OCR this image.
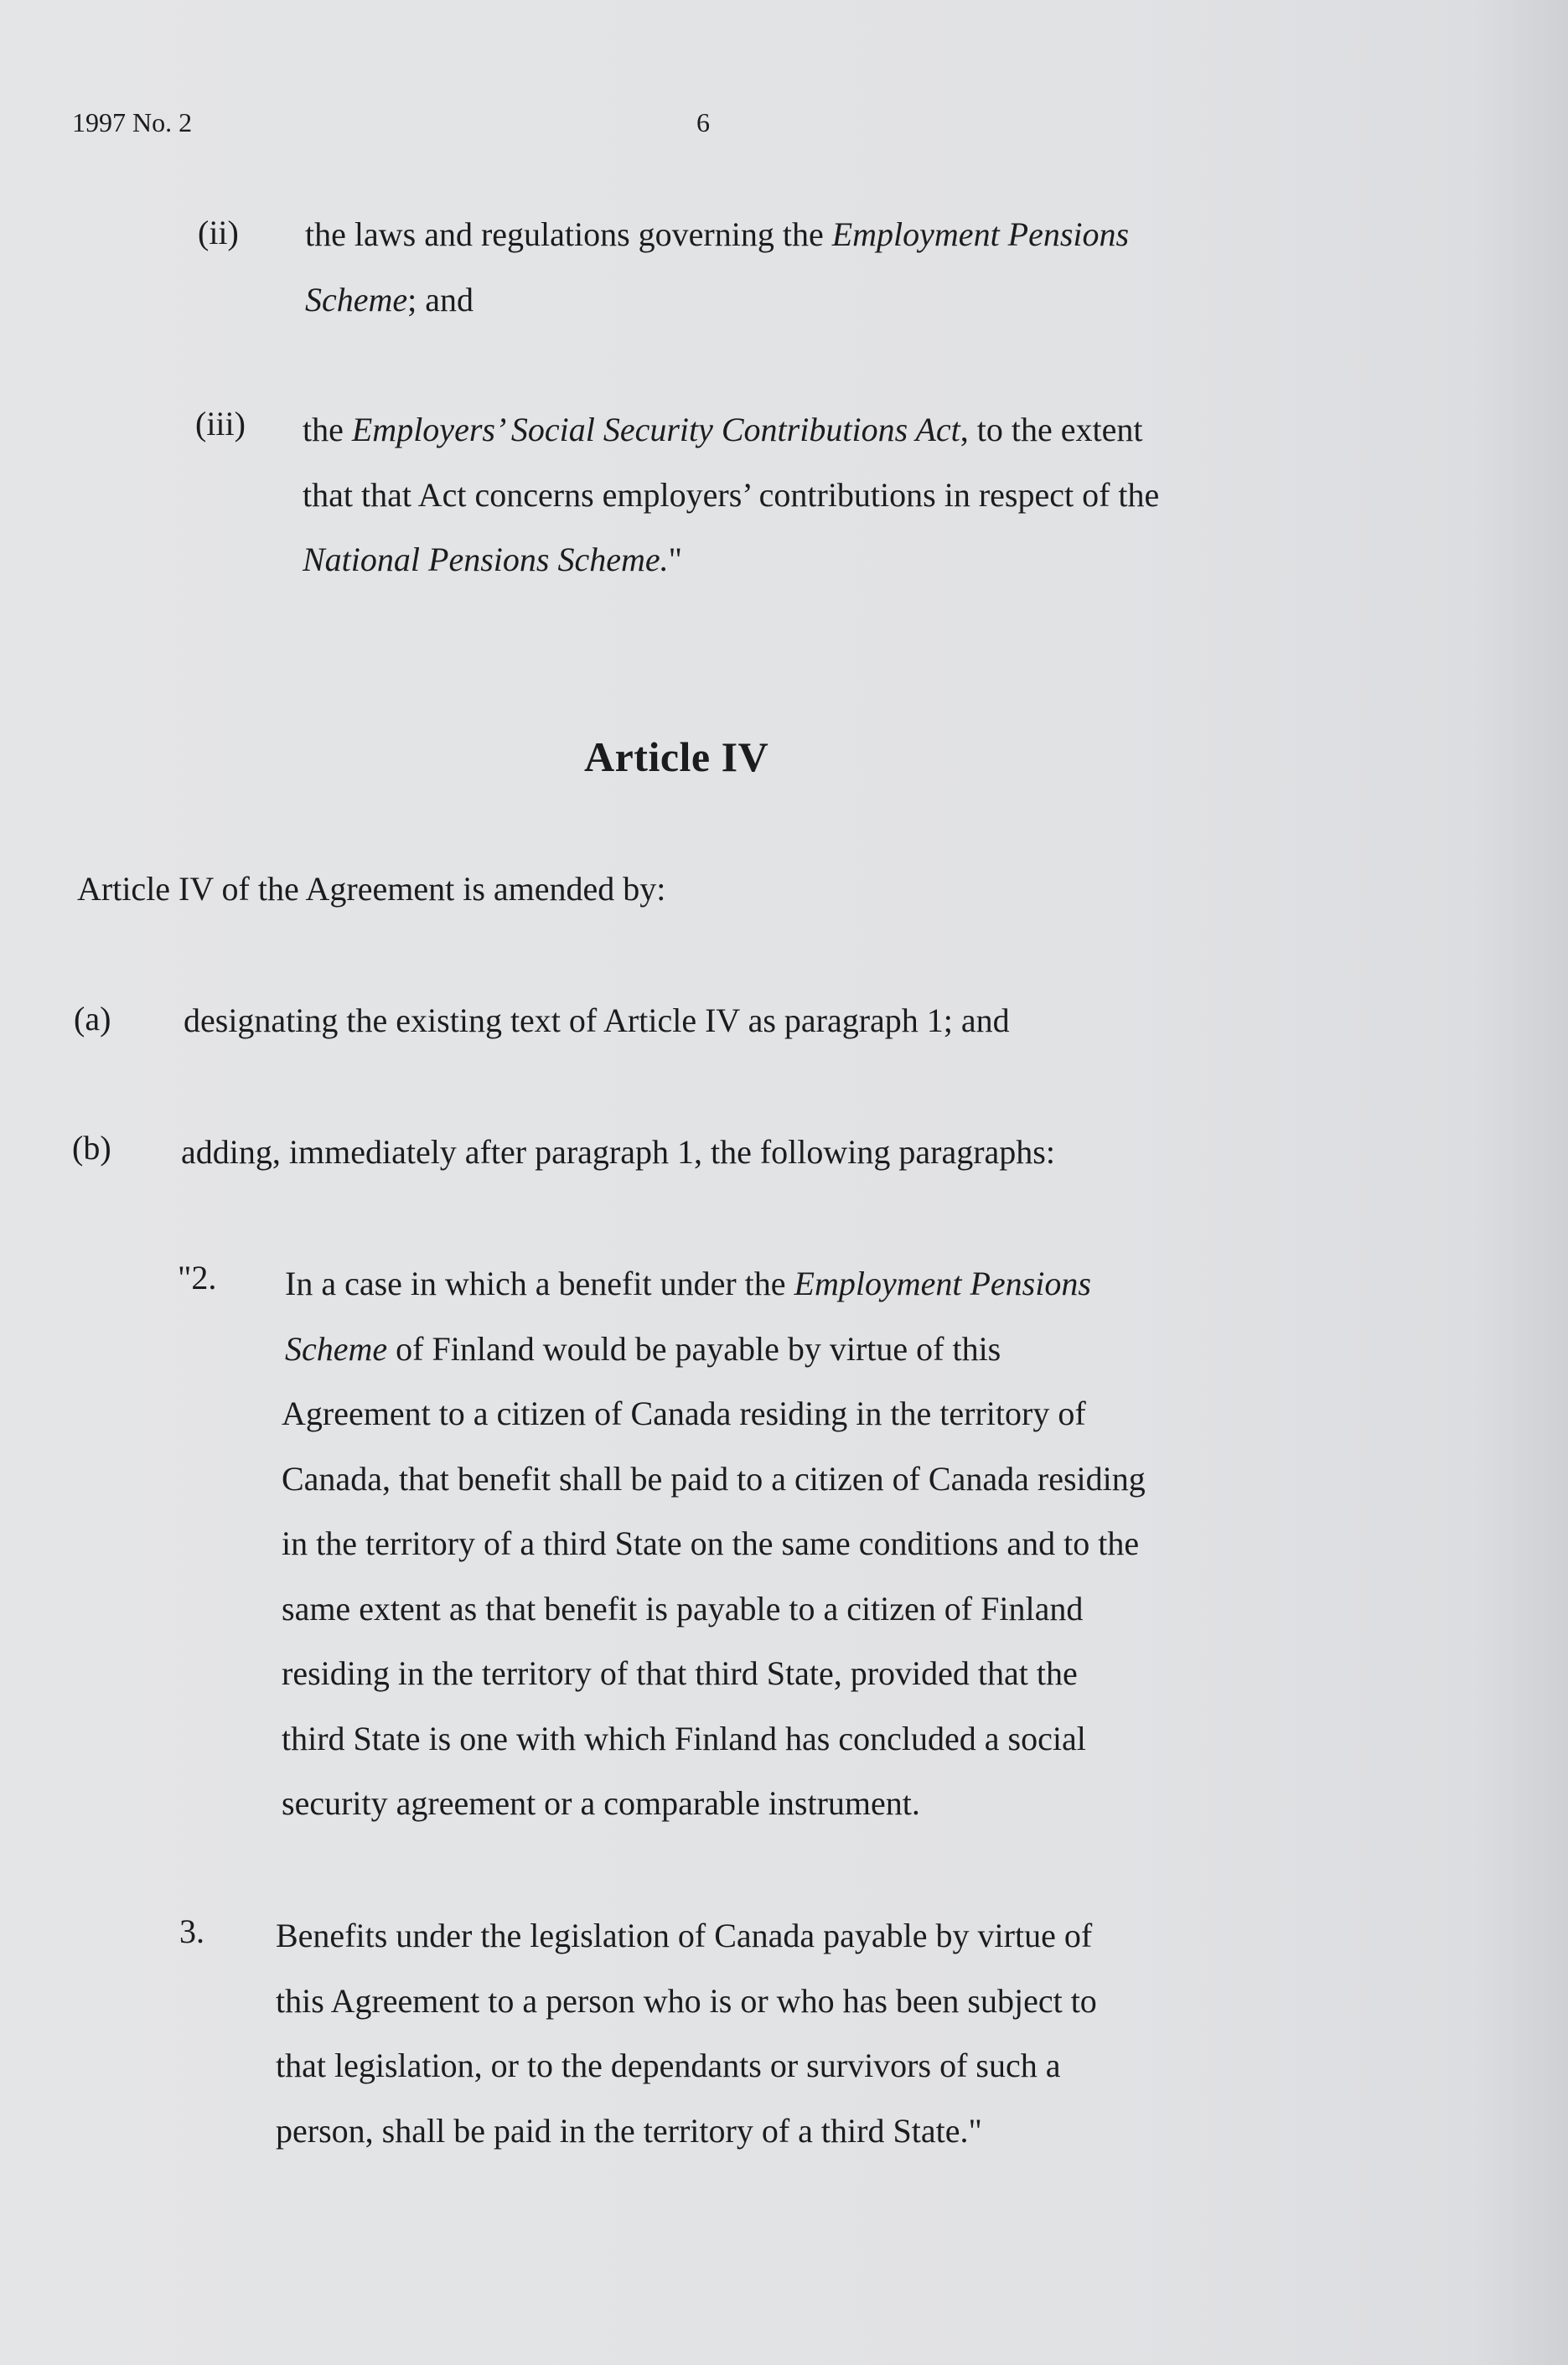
1997 No. 2	6
(ii) the laws and regulations governing the Employment Pensions
Scheme; and
(iii) the Employers’ Social Security Contributions Act, to the extent
that that Act concerns employers’ contributions in respect of the
National Pensions Scheme."
Article IV
Article IV of the Agreement is amended by:
(a) designating the existing text of Article IV as paragraph 1; and
(b) adding, immediately after paragraph 1, the following paragraphs:
"2. In a case in which a benefit under the Employment Pensions
Scheme of Finland would be payable by virtue of this
Agreement to a citizen of Canada residing in the territory of
Canada, that benefit shall be paid to a citizen of Canada residing
in the territory of a third State on the same conditions and to the
same extent as that benefit is payable to a citizen of Finland
residing in the territory of that third State, provided that the
third State is one with which Finland has concluded a social
security agreement or a comparable instrument.
3. Benefits under the legislation of Canada payable by virtue of
this Agreement to a person who is or who has been subject to
that legislation, or to the dependants or survivors of such a
person, shall be paid in the territory of a third State."
